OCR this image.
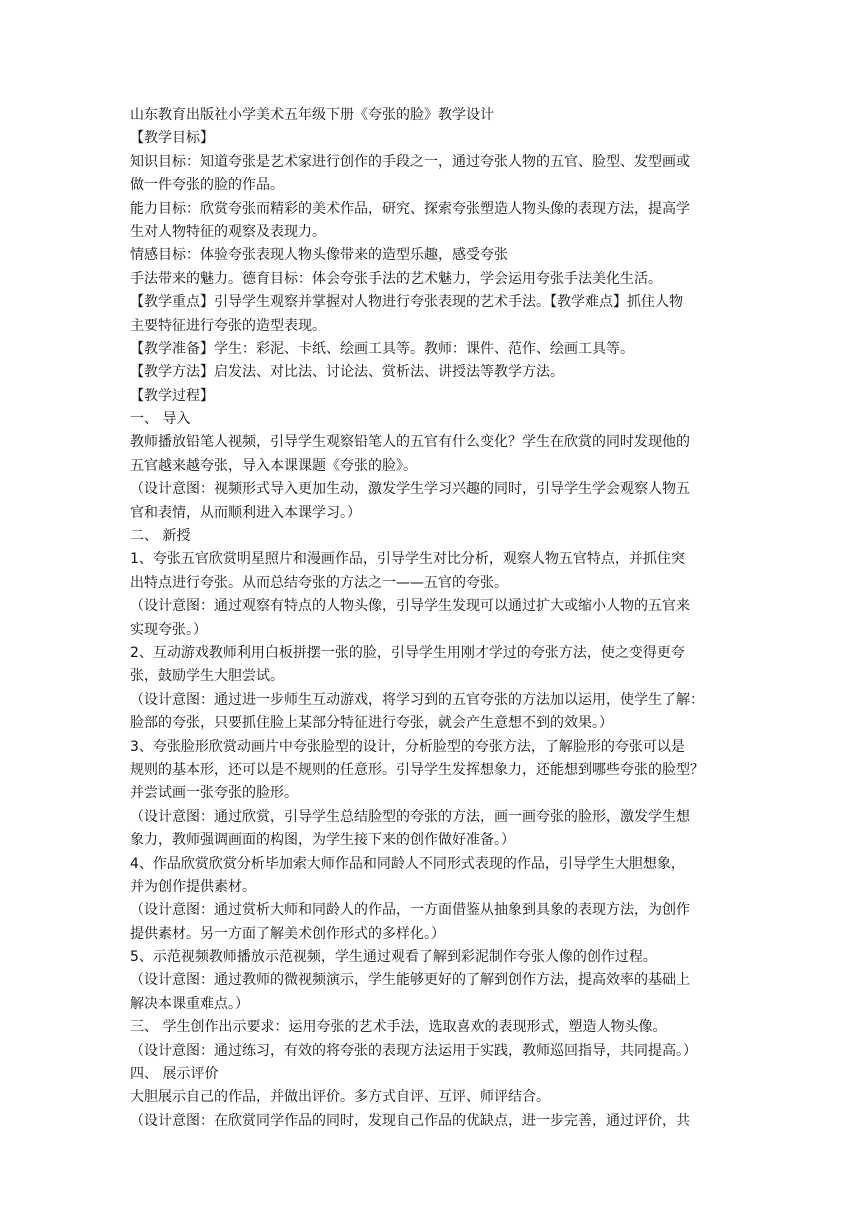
山东教育出版社小学美术五年级下册《夸张的脸》教学设计
【教学目标】
知识目标：知道夸张是艺术家进行创作的手段之一，通过夸张人物的五官、脸型、发型画或
做一件夸张的脸的作品。
能力目标：欣赏夸张而精彩的美术作品，研究、探索夸张塑造人物头像的表现方法，提高学
生对人物特征的观察及表现力。
情感目标：体验夸张表现人物头像带来的造型乐趣，感受夸张
手法带来的魅力。德育目标：体会夸张手法的艺术魅力，学会运用夸张手法美化生活。
【教学重点】引导学生观察并掌握对人物进行夸张表现的艺术手法。【教学难点】抓住人物
主要特征进行夸张的造型表现。
【教学准备】学生：彩泥、卡纸、绘画工具等。教师：课件、范作、绘画工具等。
【教学方法】启发法、对比法、讨论法、赏析法、讲授法等教学方法。
【教学过程】
一、 导入
教师播放铅笔人视频，引导学生观察铅笔人的五官有什么变化？学生在欣赏的同时发现他的
五官越来越夸张，导入本课课题《夸张的脸》。
（设计意图：视频形式导入更加生动，激发学生学习兴趣的同时，引导学生学会观察人物五
官和表情，从而顺利进入本课学习。）
二、 新授
1、夸张五官欣赏明星照片和漫画作品，引导学生对比分析，观察人物五官特点，并抓住突
出特点进行夸张。从而总结夸张的方法之一——五官的夸张。
（设计意图：通过观察有特点的人物头像，引导学生发现可以通过扩大或缩小人物的五官来
实现夸张。）
2、互动游戏教师利用白板拼摆一张的脸，引导学生用刚才学过的夸张方法，使之变得更夸
张，鼓励学生大胆尝试。
（设计意图：通过进一步师生互动游戏，将学习到的五官夸张的方法加以运用，使学生了解：
脸部的夸张，只要抓住脸上某部分特征进行夸张，就会产生意想不到的效果。）
3、夸张脸形欣赏动画片中夸张脸型的设计，分析脸型的夸张方法，了解脸形的夸张可以是
规则的基本形，还可以是不规则的任意形。引导学生发挥想象力，还能想到哪些夸张的脸型？
并尝试画一张夸张的脸形。
（设计意图：通过欣赏，引导学生总结脸型的夸张的方法，画一画夸张的脸形，激发学生想
象力，教师强调画面的构图，为学生接下来的创作做好准备。）
4、作品欣赏欣赏分析毕加索大师作品和同龄人不同形式表现的作品，引导学生大胆想象，
并为创作提供素材。
（设计意图：通过赏析大师和同龄人的作品，一方面借鉴从抽象到具象的表现方法，为创作
提供素材。另一方面了解美术创作形式的多样化。）
5、示范视频教师播放示范视频，学生通过观看了解到彩泥制作夸张人像的创作过程。
（设计意图：通过教师的微视频演示，学生能够更好的了解到创作方法，提高效率的基础上
解决本课重难点。）
三、 学生创作出示要求：运用夸张的艺术手法，选取喜欢的表现形式，塑造人物头像。
（设计意图：通过练习，有效的将夸张的表现方法运用于实践，教师巡回指导，共同提高。）
四、 展示评价
大胆展示自己的作品，并做出评价。多方式自评、互评、师评结合。
（设计意图：在欣赏同学作品的同时，发现自己作品的优缺点，进一步完善，通过评价，共
